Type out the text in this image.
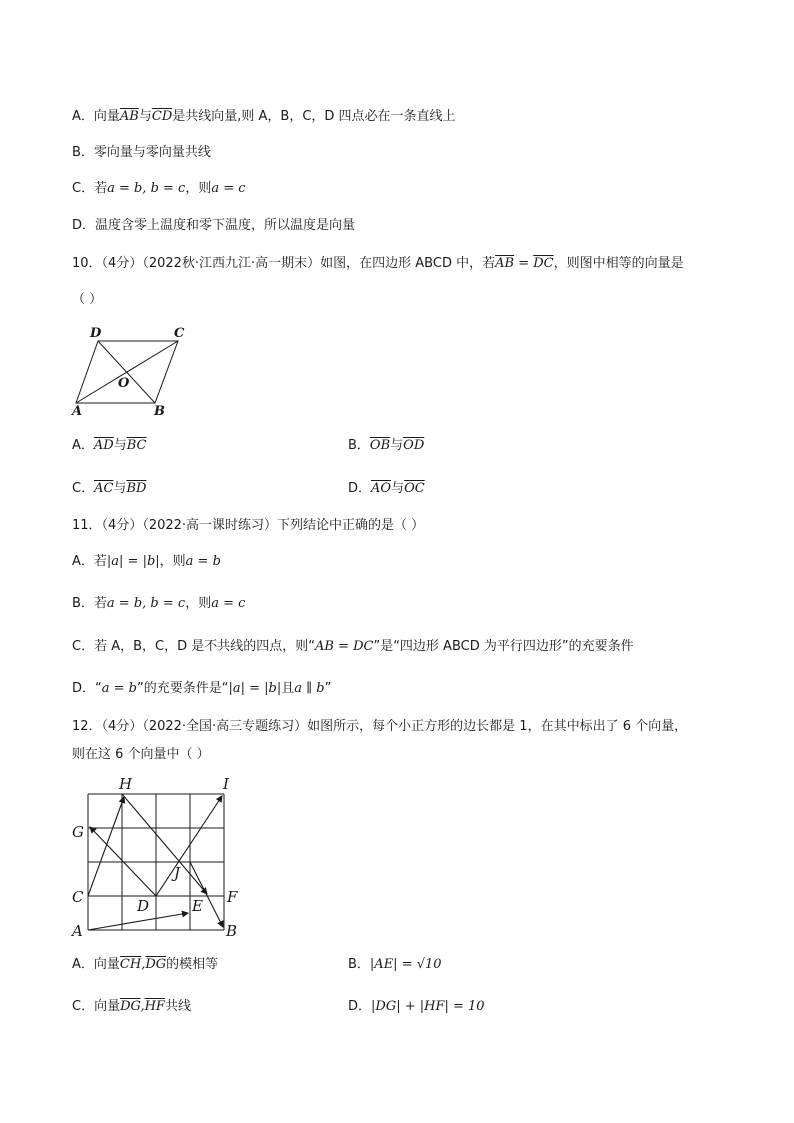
A．向量$\overline{AB}$与$\overline{CD}$是共线向量,则 A，B，C，D 四点必在一条直线上
B．零向量与零向量共线
C．若a = b, b = c，则a = c
D．温度含零上温度和零下温度，所以温度是向量
10．（4分）（2022秋·江西九江·高一期末）如图，在四边形 ABCD 中，若$\overline{AB} = \overline{DC}$，则图中相等的向量是
（ ）
D	C
O
A	B
A．$\overline{AD}$与$\overline{BC}$	B．$\overline{OB}$与$\overline{OD}$
C．$\overline{AC}$与$\overline{BD}$	D．$\overline{AO}$与$\overline{OC}$
11．（4分）（2022·高一课时练习）下列结论中正确的是（ ）
A．若|a| = |b|，则a = b
B．若a = b, b = c，则a = c
C．若 A，B，C，D 是不共线的四点，则“AB = DC”是“四边形 ABCD 为平行四边形”的充要条件
D．“a = b”的充要条件是“|a| = |b|且a ∥ b”
12．（4分）（2022·全国·高三专题练习）如图所示，每个小正方形的边长都是 1，在其中标出了 6 个向量，
则在这 6 个向量中（ ）
H	I
G
C
J
D	E F
A	B
A．向量$\overline{CH},\overline{DG}$的模相等	B．|AE| = √10
C．向量$\overline{DG},\overline{HF}$共线	D．|DG| + |HF| = 10
